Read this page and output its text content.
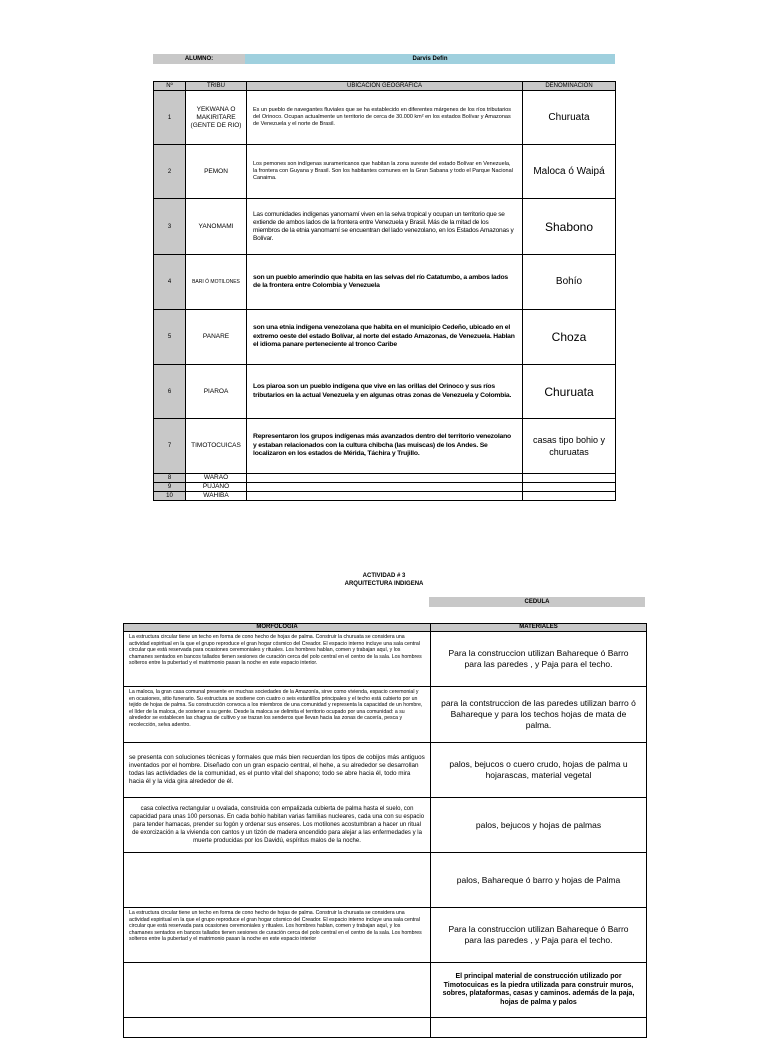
ALUMNO:	Darvis Defin
Nº	TRIBU	UBICACIÓN GEOGRÁFICA	DENOMINACIÓN
1	YEKWANA O MAKIRITARE (GENTE DE RIO)	Es un pueblo de navegantes fluviales que se ha establecido en diferentes márgenes de los ríos tributarios del Orinoco. Ocupan actualmente un territorio de cerca de 30.000 km² en los estados Bolívar y Amazonas de Venezuela y el norte de Brasil.	Churuata
2	PEMON	Los pemones son indígenas suramericanos que habitan la zona sureste del estado Bolívar en Venezuela, la frontera con Guyana y Brasil. Son los habitantes comunes en la Gran Sabana y todo el Parque Nacional Canaima.	Maloca ó Waipá
3	YANOMAMI	Las comunidades indígenas yanomamí viven en la selva tropical y ocupan un territorio que se extiende de ambos lados de la frontera entre Venezuela y Brasil. Más de la mitad de los miembros de la etnia yanomamí se encuentran del lado venezolano, en los Estados Amazonas y Bolívar.	Shabono
4	BARI Ó MOTILONES	son un pueblo amerindio que habita en las selvas del río Catatumbo, a ambos lados de la frontera entre Colombia y Venezuela	Bohío
5	PANARE	son una etnia indígena venezolana que habita en el municipio Cedeño, ubicado en el extremo oeste del estado Bolívar, al norte del estado Amazonas, de Venezuela. Hablan el idioma panare perteneciente al tronco Caribe	Choza
6	PIAROA	Los piaroa son un pueblo indígena que vive en las orillas del Orinoco y sus ríos tributarios en la actual Venezuela y en algunas otras zonas de Venezuela y Colombia.	Churuata
7	TIMOTOCUICAS	Representaron los grupos indígenas más avanzados dentro del territorio venezolano y estaban relacionados con la cultura chibcha (las muiscas) de los Andes. Se localizaron en los estados de Mérida, Táchira y Trujillo.	casas tipo bohio y churuatas
8	WARAO		
9	PUJANO		
10	WAHIBA		
ACTIVIDAD # 3
ARQUITECTURA INDIGENA
CEDULA
MORFOLOGIA	MATERIALES
La estructura circular tiene un techo en forma de cono hecho de hojas de palma. Construir la churuata se considera una actividad espiritual en la que el grupo reproduce el gran hogar cósmico del Creador. El espacio interno incluye una sala central circular que está reservada para ocasiones ceremoniales y rituales. Los hombres hablan, comen y trabajan aquí, y los chamanes sentados en bancos tallados tienen sesiones de curación cerca del polo central en el centro de la sala. Los hombres solteros entre la pubertad y el matrimonio pasan la noche en este espacio interior.	Para la construccion utilizan Bahareque ó Barro para las paredes , y Paja para el techo.
La maloca, la gran casa comunal presente en muchas sociedades de la Amazonía, sirve como vivienda, espacio ceremonial y en ocasiones, sitio funerario. Su estructura se sostiene con cuatro o seis estantillos principales y el techo está cubierto por un tejido de hojas de palma. Su construcción convoca a los miembros de una comunidad y representa la capacidad de un hombre, el líder de la maloca, de sostener a su gente. Desde la maloca se delimita el territorio ocupado por una comunidad: a su alrededor se establecen las chagras de cultivo y se trazan los senderos que llevan hacia las zonas de cacería, pesca y recolección, selva adentro.	para la contstruccion de las paredes utilizan barro ó Bahareque y para los techos hojas de mata de palma.
se presenta con soluciones técnicas y formales que más bien recuerdan los tipos de cobijos más antiguos inventados por el hombre. Diseñado con un gran espacio central, el hehe, a su alrededor se desarrollan todas las actividades de la comunidad, es el punto vital del shapono; todo se abre hacia él, todo mira hacia él y la vida gira alrededor de él.	palos, bejucos o cuero crudo, hojas de palma u hojarascas, material vegetal
casa colectiva rectangular u ovalada, construida con empalizada cubierta de palma hasta el suelo, con capacidad para unas 100 personas. En cada bohío habitan varias familias nucleares, cada una con su espacio para tender hamacas, prender su fogón y ordenar sus enseres. Los motilones acostumbran a hacer un ritual de exorcización a la vivienda con cantos y un tizón de madera encendido para alejar a las enfermedades y la muerte producidas por los Davidú, espíritus malos de la noche.	palos, bejucos y hojas de palmas
	palos, Bahareque ó barro y hojas de Palma
La estructura circular tiene un techo en forma de cono hecho de hojas de palma. Construir la churuata se considera una actividad espiritual en la que el grupo reproduce el gran hogar cósmico del Creador. El espacio interno incluye una sala central circular que está reservada para ocasiones ceremoniales y rituales. Los hombres hablan, comen y trabajan aquí, y los chamanes sentados en bancos tallados tienen sesiones de curación cerca del polo central en el centro de la sala. Los hombres solteros entre la pubertad y el matrimonio pasan la noche en este espacio interior	Para la construccion utilizan Bahareque ó Barro para las paredes , y Paja para el techo.
	El principal material de construcción utilizado por Timotocuicas es la piedra utilizada para construir muros, sobres, plataformas, casas y caminos. además de la paja, hojas de palma y palos
